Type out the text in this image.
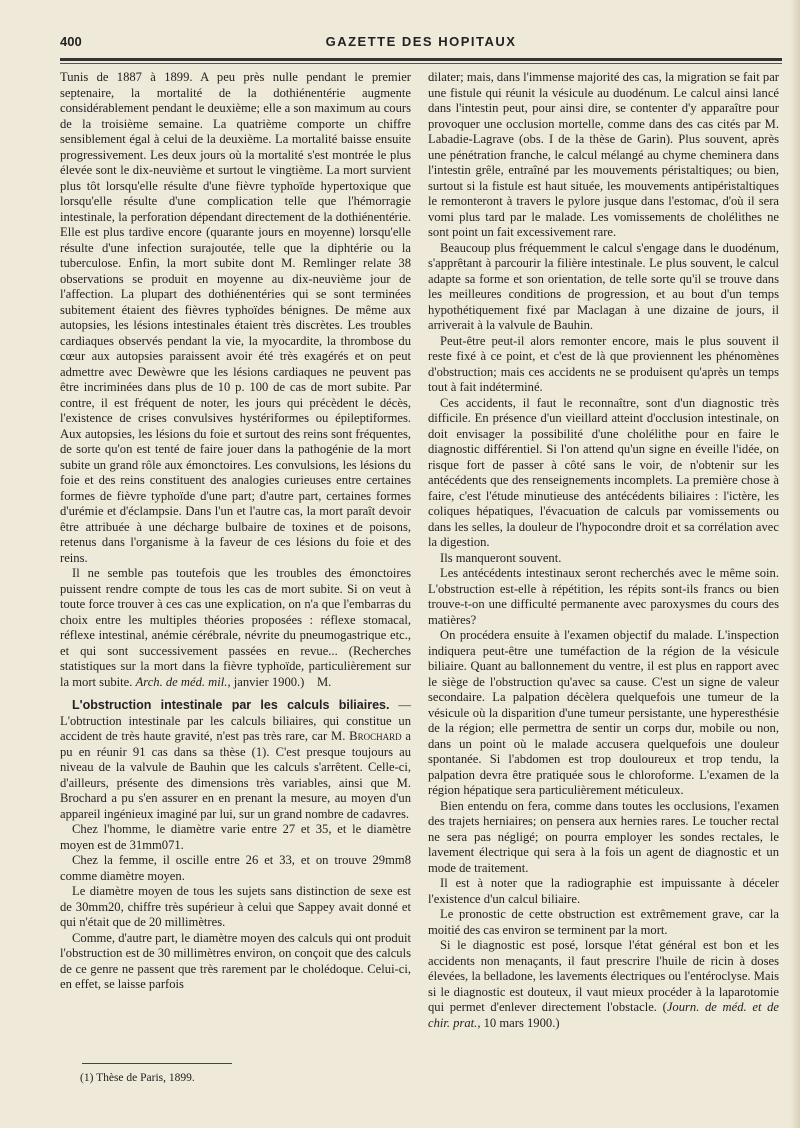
400	GAZETTE DES HOPITAUX

Tunis de 1887 à 1899. A peu près nulle pendant le premier septenaire, la mortalité de la dothiénentérie augmente considérablement pendant le deuxième; elle a son maximum au cours de la troisième semaine. La quatrième comporte un chiffre sensiblement égal à celui de la deuxième. La mortalité baisse ensuite progressivement. Les deux jours où la mortalité s'est montrée le plus élevée sont le dix-neuvième et surtout le vingtième. La mort survient plus tôt lorsqu'elle résulte d'une fièvre typhoïde hypertoxique que lorsqu'elle résulte d'une complication telle que l'hémorragie intestinale, la perforation dépendant directement de la dothiénentérie. Elle est plus tardive encore (quarante jours en moyenne) lorsqu'elle résulte d'une infection surajoutée, telle que la diphtérie ou la tuberculose. Enfin, la mort subite dont M. Remlinger relate 38 observations se produit en moyenne au dix-neuvième jour de l'affection. La plupart des dothiénentéries qui se sont terminées subitement étaient des fièvres typhoïdes bénignes. De même aux autopsies, les lésions intestinales étaient très discrètes. Les troubles cardiaques observés pendant la vie, la myocardite, la thrombose du cœur aux autopsies paraissent avoir été très exagérés et on peut admettre avec Dewèwre que les lésions cardiaques ne peuvent pas être incriminées dans plus de 10 p. 100 de cas de mort subite. Par contre, il est fréquent de noter, les jours qui précèdent le décès, l'existence de crises convulsives hystériformes ou épileptiformes. Aux autopsies, les lésions du foie et surtout des reins sont fréquentes, de sorte qu'on est tenté de faire jouer dans la pathogénie de la mort subite un grand rôle aux émonctoires. Les convulsions, les lésions du foie et des reins constituent des analogies curieuses entre certaines formes de fièvre typhoïde d'une part; d'autre part, certaines formes d'urémie et d'éclampsie. Dans l'un et l'autre cas, la mort paraît devoir être attribuée à une décharge bulbaire de toxines et de poisons, retenus dans l'organisme à la faveur de ces lésions du foie et des reins.

Il ne semble pas toutefois que les troubles des émonctoires puissent rendre compte de tous les cas de mort subite. Si on veut à toute force trouver à ces cas une explication, on n'a que l'embarras du choix entre les multiples théories proposées : réflexe stomacal, réflexe intestinal, anémie cérébrale, névrite du pneumogastrique etc., et qui sont successivement passées en revue... (Recherches statistiques sur la mort dans la fièvre typhoïde, particulièrement sur la mort subite. Arch. de méd. mil., janvier 1900.) M.

L'obstruction intestinale par les calculs biliaires. — L'obtruction intestinale par les calculs biliaires, qui constitue un accident de très haute gravité, n'est pas très rare, car M. Brochard a pu en réunir 91 cas dans sa thèse (1). C'est presque toujours au niveau de la valvule de Bauhin que les calculs s'arrêtent. Celle-ci, d'ailleurs, présente des dimensions très variables, ainsi que M. Brochard a pu s'en assurer en en prenant la mesure, au moyen d'un appareil ingénieux imaginé par lui, sur un grand nombre de cadavres.

Chez l'homme, le diamètre varie entre 27 et 35, et le diamètre moyen est de 31mm071.

Chez la femme, il oscille entre 26 et 33, et on trouve 29mm8 comme diamètre moyen.

Le diamètre moyen de tous les sujets sans distinction de sexe est de 30mm20, chiffre très supérieur à celui que Sappey avait donné et qui n'était que de 20 millimètres.

Comme, d'autre part, le diamètre moyen des calculs qui ont produit l'obstruction est de 30 millimètres environ, on conçoit que des calculs de ce genre ne passent que très rarement par le cholédoque. Celui-ci, en effet, se laisse parfois

dilater; mais, dans l'immense majorité des cas, la migration se fait par une fistule qui réunit la vésicule au duodénum. Le calcul ainsi lancé dans l'intestin peut, pour ainsi dire, se contenter d'y apparaître pour provoquer une occlusion mortelle, comme dans des cas cités par M. Labadie-Lagrave (obs. I de la thèse de Garin). Plus souvent, après une pénétration franche, le calcul mélangé au chyme cheminera dans l'intestin grêle, entraîné par les mouvements péristaltiques; ou bien, surtout si la fistule est haut située, les mouvements antipéristaltiques le remonteront à travers le pylore jusque dans l'estomac, d'où il sera vomi plus tard par le malade. Les vomissements de cholélithes ne sont point un fait excessivement rare.

Beaucoup plus fréquemment le calcul s'engage dans le duodénum, s'apprêtant à parcourir la filière intestinale. Le plus souvent, le calcul adapte sa forme et son orientation, de telle sorte qu'il se trouve dans les meilleures conditions de progression, et au bout d'un temps hypothétiquement fixé par Maclagan à une dizaine de jours, il arriverait à la valvule de Bauhin.

Peut-être peut-il alors remonter encore, mais le plus souvent il reste fixé à ce point, et c'est de là que proviennent les phénomènes d'obstruction; mais ces accidents ne se produisent qu'après un temps tout à fait indéterminé.

Ces accidents, il faut le reconnaître, sont d'un diagnostic très difficile. En présence d'un vieillard atteint d'occlusion intestinale, on doit envisager la possibilité d'une cholélithe pour en faire le diagnostic différentiel. Si l'on attend qu'un signe en éveille l'idée, on risque fort de passer à côté sans le voir, de n'obtenir sur les antécédents que des renseignements incomplets. La première chose à faire, c'est l'étude minutieuse des antécédents biliaires : l'ictère, les coliques hépatiques, l'évacuation de calculs par vomissements ou dans les selles, la douleur de l'hypocondre droit et sa corrélation avec la digestion.

Ils manqueront souvent.

Les antécédents intestinaux seront recherchés avec le même soin. L'obstruction est-elle à répétition, les répits sont-ils francs ou bien trouve-t-on une difficulté permanente avec paroxysmes du cours des matières?

On procédera ensuite à l'examen objectif du malade. L'inspection indiquera peut-être une tuméfaction de la région de la vésicule biliaire. Quant au ballonnement du ventre, il est plus en rapport avec le siège de l'obstruction qu'avec sa cause. C'est un signe de valeur secondaire. La palpation décèlera quelquefois une tumeur de la vésicule où la disparition d'une tumeur persistante, une hyperesthésie de la région; elle permettra de sentir un corps dur, mobile ou non, dans un point où le malade accusera quelquefois une douleur spontanée. Si l'abdomen est trop douloureux et trop tendu, la palpation devra être pratiquée sous le chloroforme. L'examen de la région hépatique sera particulièrement méticuleux.

Bien entendu on fera, comme dans toutes les occlusions, l'examen des trajets herniaires; on pensera aux hernies rares. Le toucher rectal ne sera pas négligé; on pourra employer les sondes rectales, le lavement électrique qui sera à la fois un agent de diagnostic et un mode de traitement.

Il est à noter que la radiographie est impuissante à déceler l'existence d'un calcul biliaire.

Le pronostic de cette obstruction est extrêmement grave, car la moitié des cas environ se terminent par la mort.

Si le diagnostic est posé, lorsque l'état général est bon et les accidents non menaçants, il faut prescrire l'huile de ricin à doses élevées, la belladone, les lavements électriques ou l'entéroclyse. Mais si le diagnostic est douteux, il vaut mieux procéder à la laparotomie qui permet d'enlever directement l'obstacle. (Journ. de méd. et de chir. prat., 10 mars 1900.)

(1) Thèse de Paris, 1899.
